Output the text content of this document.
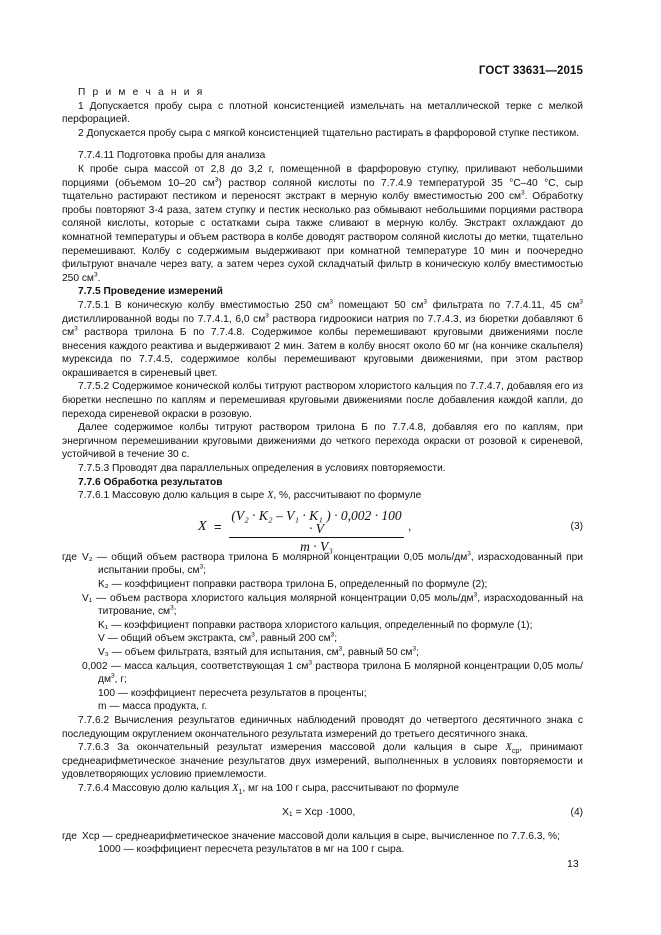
ГОСТ 33631—2015

П р и м е ч а н и я

1 Допускается пробу сыра с плотной консистенцией измельчать на металлической терке с мелкой перфорацией.

2 Допускается пробу сыра с мягкой консистенцией тщательно растирать в фарфоровой ступке пестиком.

7.7.4.11 Подготовка пробы для анализа

К пробе сыра массой от 2,8 до 3,2 г, помещенной в фарфоровую ступку, приливают небольшими порциями (объемом 10–20 $см^3$) раствор соляной кислоты по 7.7.4.9 температурой 35 °С–40 °С, сыр тщательно растирают пестиком и переносят экстракт в мерную колбу вместимостью 200 $см^3$. Обработку пробы повторяют 3-4 раза, затем ступку и пестик несколько раз обмывают небольшими порциями раствора соляной кислоты, которые с остатками сыра также сливают в мерную колбу. Экстракт охлаждают до комнатной температуры и объем раствора в колбе доводят раствором соляной кислоты до метки, тщательно перемешивают. Колбу с содержимым выдерживают при комнатной температуре 10 мин и поочередно фильтруют вначале через вату, а затем через сухой складчатый фильтр в коническую колбу вместимостью 250 $см^3$.

7.7.5 Проведение измерений

7.7.5.1 В коническую колбу вместимостью 250 $см^3$ помещают 50 $см^3$ фильтрата по 7.7.4.11, 45 $см^3$ дистиллированной воды по 7.7.4.1, 6,0 $см^3$ раствора гидроокиси натрия по 7.7.4.3, из бюретки добавляют 6 $см^3$ раствора трилона Б по 7.7.4.8. Содержимое колбы перемешивают круговыми движениями после внесения каждого реактива и выдерживают 2 мин. Затем в колбу вносят около 60 мг (на кончике скальпеля) мурексида по 7.7.4.5, содержимое колбы перемешивают круговыми движениями, при этом раствор окрашивается в сиреневый цвет.

7.7.5.2 Содержимое конической колбы титруют раствором хлористого кальция по 7.7.4.7, добавляя его из бюретки неспешно по каплям и перемешивая круговыми движениями после добавления каждой капли, до перехода сиреневой окраски в розовую.

Далее содержимое колбы титруют раствором трилона Б по 7.7.4.8, добавляя его по каплям, при энергичном перемешивании круговыми движениями до четкого перехода окраски от розовой к сиреневой, устойчивой в течение 30 с.

7.7.5.3 Проводят два параллельных определения в условиях повторяемости.

7.7.6 Обработка результатов

7.7.6.1 Массовую долю кальция в сыре X, %, рассчитывают по формуле

$X = \frac{\text{(V₂ · K₂ – V₁ · K₁ ) · 0,002 · 100 · V}}{\text{m · V₃}}$ ,	(3)
где V₂ — общий объем раствора трилона Б молярной концентрации 0,05 моль/$дм^3$, израсходованный при испытании пробы, $см^3$;

K₂ — коэффициент поправки раствора трилона Б, определенный по формуле (2);

V₁ — объем раствора хлористого кальция молярной концентрации 0,05 моль/$дм^3$, израсходованный на титрование, $см^3$;

K₁ — коэффициент поправки раствора хлористого кальция, определенный по формуле (1);

V — общий объем экстракта, $см^3$, равный 200 $см^3$;

V₃ — объем фильтрата, взятый для испытания, $см^3$, равный 50 $см^3$;

0,002 — масса кальция, соответствующая 1 $см^3$ раствора трилона Б молярной концентрации 0,05 моль/$дм^3$, г;

100 — коэффициент пересчета результатов в проценты;

m — масса продукта, г.

7.7.6.2 Вычисления результатов единичных наблюдений проводят до четвертого десятичного знака с последующим округлением окончательного результата измерений до третьего десятичного знака.

7.7.6.3 За окончательный результат измерения массовой доли кальция в сыре $X_{ср}$, принимают среднеарифметическое значение результатов двух измерений, выполненных в условиях повторяемости и удовлетворяющих условию приемлемости.

7.7.6.4 Массовую долю кальция $X_1$, мг на 100 г сыра, рассчитывают по формуле

X₁ = Xср ·1000,	(4)
где Xср — среднеарифметическое значение массовой доли кальция в сыре, вычисленное по 7.7.6.3, %;

1000 — коэффициент пересчета результатов в мг на 100 г сыра.

13
